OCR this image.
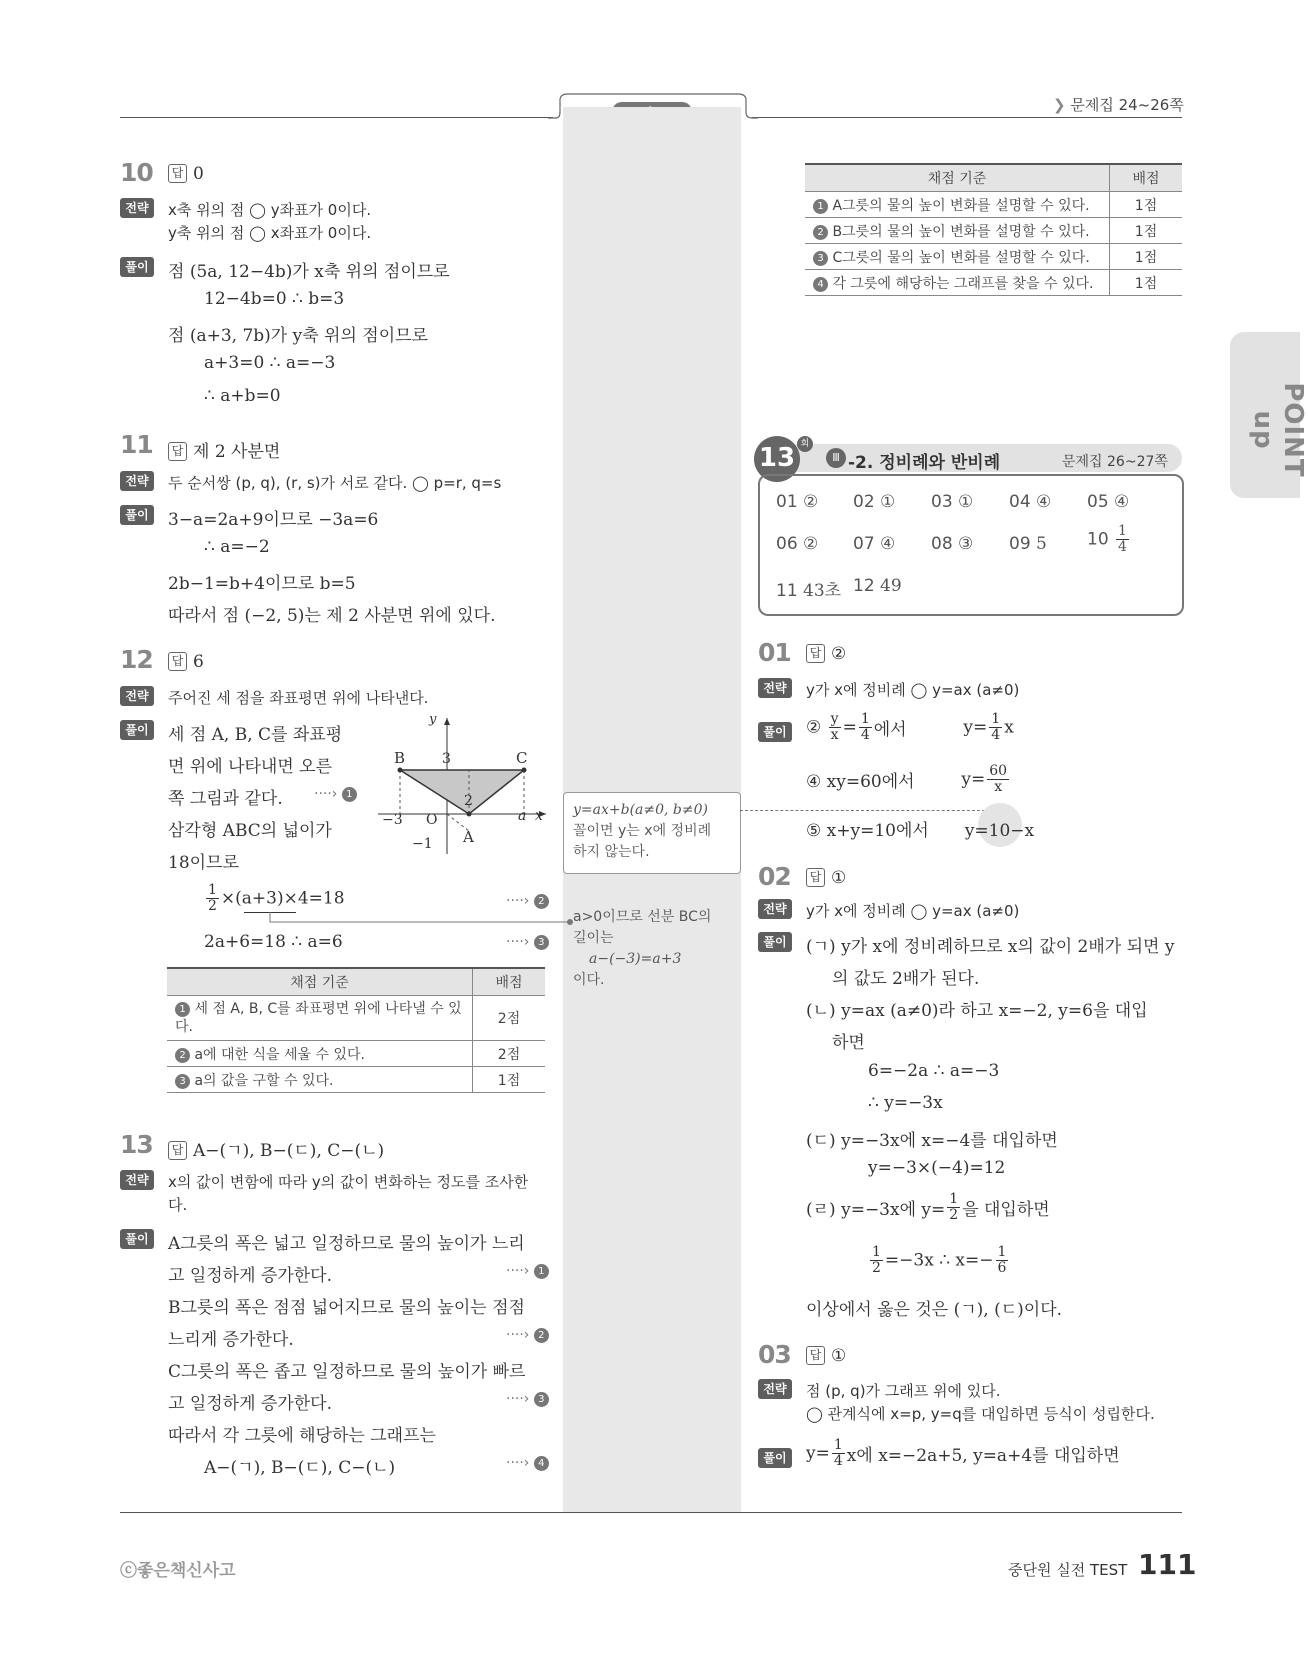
❯ 문제집 24~26쪽
POINT up
10	답 0
전략	x축 위의 점 ◯ y좌표가 0이다.
y축 위의 점 ◯ x좌표가 0이다.
풀이	점 (5a, 12−4b)가 x축 위의 점이므로
12−4b=0 ∴ b=3
점 (a+3, 7b)가 y축 위의 점이므로
a+3=0 ∴ a=−3
∴ a+b=0
11	답 제 2 사분면
전략	두 순서쌍 (p, q), (r, s)가 서로 같다. ◯ p=r, q=s
풀이	3−a=2a+9이므로 −3a=6
∴ a=−2
2b−1=b+4이므로 b=5
따라서 점 (−2, 5)는 제 2 사분면 위에 있다.
12	답 6
전략	주어진 세 점을 좌표평면 위에 나타낸다.
풀이	세 점 A, B, C를 좌표평
면 위에 나타내면 오른
쪽 그림과 같다. ····› 1
삼각형 ABC의 넓이가
18이므로
y
x
a
B	C
A
O
3
2
−3
−1
$\frac{1}{2} \times(a+3)\times 4=18$	····› 2
2a+6=18 ∴ a=6	····› 3
채점 기준	배점
1 세 점 A, B, C를 좌표평면 위에 나타낼 수 있
다.	2점
2 a에 대한 식을 세울 수 있다.	2점
3 a의 값을 구할 수 있다.	1점
13	답 A−(ㄱ), B−(ㄷ), C−(ㄴ)
전략	x의 값이 변함에 따라 y의 값이 변화하는 정도를 조사한
다.
풀이	A그릇의 폭은 넓고 일정하므로 물의 높이가 느리
고 일정하게 증가한다.	····› 1
B그릇의 폭은 점점 넓어지므로 물의 높이는 점점
느리게 증가한다.	····› 2
C그릇의 폭은 좁고 일정하므로 물의 높이가 빠르
고 일정하게 증가한다.	····› 3
따라서 각 그릇에 해당하는 그래프는
A−(ㄱ), B−(ㄷ), C−(ㄴ)	····› 4
채점 기준	배점
1 A그릇의 물의 높이 변화를 설명할 수 있다.	1점
2 B그릇의 물의 높이 변화를 설명할 수 있다.	1점
3 C그릇의 물의 높이 변화를 설명할 수 있다.	1점
4 각 그릇에 해당하는 그래프를 찾을 수 있다.	1점
y=ax+b(a≠0, b≠0)
꼴이면 y는 x에 정비례
하지 않는다.
a>0이므로 선분 BC의
길이는
a−(−3)=a+3
이다.
13 회
Ⅲ -2. 정비례와 반비례	문제집 26~27쪽
01 ② 02 ① 03 ① 04 ④ 05 ④
06 ② 07 ④ 08 ③ 09 5 $10 \frac{1}{4}$
11 43초 12 49
01	답 ②
전략	y가 x에 정비례 ◯ y=ax (a≠0)
풀이	② $\frac{y}{x} = \frac{1}{4}$ 에서	$y= \frac{1}{4}$ x
④ xy=60에서	$y= \frac{60}{x}$
⑤ x+y=10에서 y=10−x
02	답 ①
전략	y가 x에 정비례 ◯ y=ax (a≠0)
풀이	(ㄱ) y가 x에 정비례하므로 x의 값이 2배가 되면 y
의 값도 2배가 된다.
(ㄴ) y=ax (a≠0)라 하고 x=−2, y=6을 대입
하면
6=−2a ∴ a=−3
∴ y=−3x
(ㄷ) y=−3x에 x=−4를 대입하면
y=−3×(−4)=12
(ㄹ) y=−3x에 $y= \frac{1}{2}$ 을 대입하면
$\frac{1}{2} =-3x$ ∴ $x=- \frac{1}{6}$
이상에서 옳은 것은 (ㄱ), (ㄷ)이다.
03	답 ①
전략	점 (p, q)가 그래프 위에 있다.
◯ 관계식에 x=p, y=q를 대입하면 등식이 성립한다.
풀이	$y= \frac{1}{4}$ x에 x=−2a+5, y=a+4를 대입하면
ⓒ좋은책신사고	중단원 실전 TEST 111
